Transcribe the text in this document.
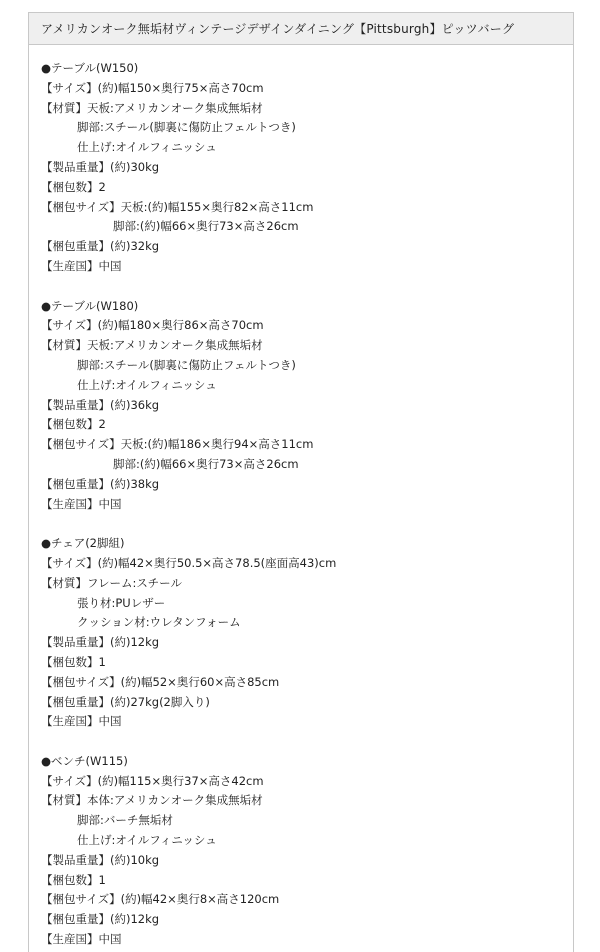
アメリカンオーク無垢材ヴィンテージデザインダイニング【Pittsburgh】ピッツバーグ
●テーブル(W150)
【サイズ】(約)幅150×奥行75×高さ70cm
【材質】天板:アメリカンオーク集成無垢材
脚部:スチール(脚裏に傷防止フェルトつき)
仕上げ:オイルフィニッシュ
【製品重量】(約)30kg
【梱包数】2
【梱包サイズ】天板:(約)幅155×奥行82×高さ11cm
脚部:(約)幅66×奥行73×高さ26cm
【梱包重量】(約)32kg
【生産国】中国
●テーブル(W180)
【サイズ】(約)幅180×奥行86×高さ70cm
【材質】天板:アメリカンオーク集成無垢材
脚部:スチール(脚裏に傷防止フェルトつき)
仕上げ:オイルフィニッシュ
【製品重量】(約)36kg
【梱包数】2
【梱包サイズ】天板:(約)幅186×奥行94×高さ11cm
脚部:(約)幅66×奥行73×高さ26cm
【梱包重量】(約)38kg
【生産国】中国
●チェア(2脚組)
【サイズ】(約)幅42×奥行50.5×高さ78.5(座面高43)cm
【材質】フレーム:スチール
張り材:PUレザー
クッション材:ウレタンフォーム
【製品重量】(約)12kg
【梱包数】1
【梱包サイズ】(約)幅52×奥行60×高さ85cm
【梱包重量】(約)27kg(2脚入り)
【生産国】中国
●ベンチ(W115)
【サイズ】(約)幅115×奥行37×高さ42cm
【材質】本体:アメリカンオーク集成無垢材
脚部:バーチ無垢材
仕上げ:オイルフィニッシュ
【製品重量】(約)10kg
【梱包数】1
【梱包サイズ】(約)幅42×奥行8×高さ120cm
【梱包重量】(約)12kg
【生産国】中国
